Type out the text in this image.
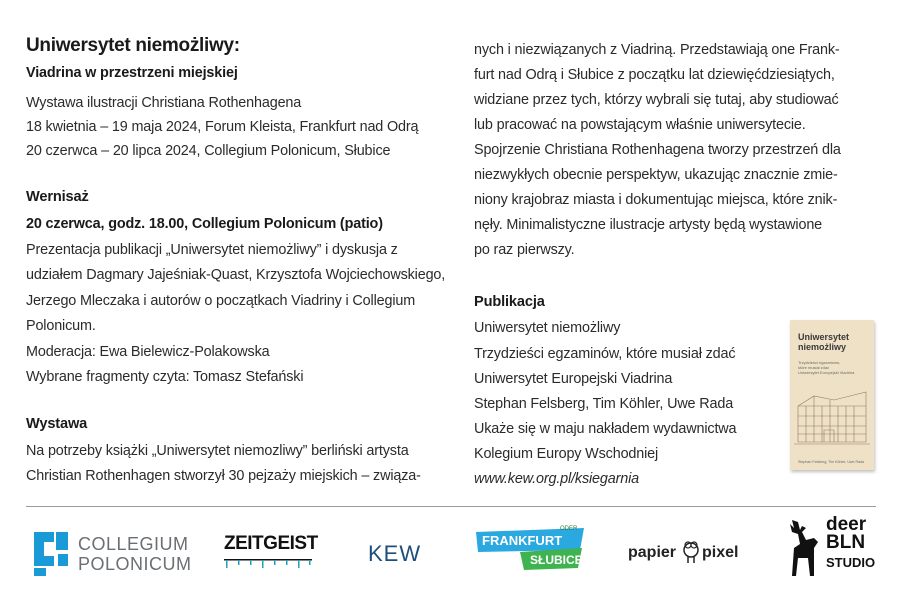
Uniwersytet niemożliwy:
Viadrina w przestrzeni miejskiej
Wystawa ilustracji Christiana Rothenhagena
18 kwietnia – 19 maja 2024, Forum Kleista, Frankfurt nad Odrą
20 czerwca – 20 lipca 2024, Collegium Polonicum, Słubice
Wernisaż
20 czerwca, godz. 18.00, Collegium Polonicum (patio)
Prezentacja publikacji „Uniwersytet niemożliwy” i dyskusja z
udziałem Dagmary Jajeśniak-Quast, Krzysztofa Wojciechowskiego,
Jerzego Mleczaka i autorów o początkach Viadriny i Collegium
Polonicum.
Moderacja: Ewa Bielewicz-Polakowska
Wybrane fragmenty czyta: Tomasz Stefański
Wystawa
Na potrzeby książki „Uniwersytet niemozliwy” berliński artysta
Christian Rothenhagen stworzył 30 pejzaży miejskich – związa-
nych i niezwiązanych z Viadriną. Przedstawiają one Frank-
furt nad Odrą i Słubice z początku lat dziewięćdziesiątych,
widziane przez tych, którzy wybrali się tutaj, aby studiować
lub pracować na powstającym właśnie uniwersytecie.
Spojrzenie Christiana Rothenhagena tworzy przestrzeń dla
niezwykłych obecnie perspektyw, ukazując znacznie zmie-
niony krajobraz miasta i dokumentując miejsca, które znik-
nęły. Minimalistyczne ilustracje artysty będą wystawione
po raz pierwszy.
Publikacja
Uniwersytet niemożliwy
Trzydzieści egzaminów, które musiał zdać
Uniwersytet Europejski Viadrina
Stephan Felsberg, Tim Köhler, Uwe Rada
Ukaże się w maju nakładem wydawnictwa
Kolegium Europy Wschodniej
www.kew.org.pl/ksiegarnia
Uniwersytet
niemożliwy
Trzydzieści egzaminów,
które musiał zdać
Uniwersytet Europejski Viadrina
Stephan Felsberg, Tim Köhler, Uwe Rada
COLLEGIUM
POLONICUM
ZEITGEIST KEW
ODER
FRANKFURT
SŁUBICE	papier pixel
deer
BLN
STUDIO
